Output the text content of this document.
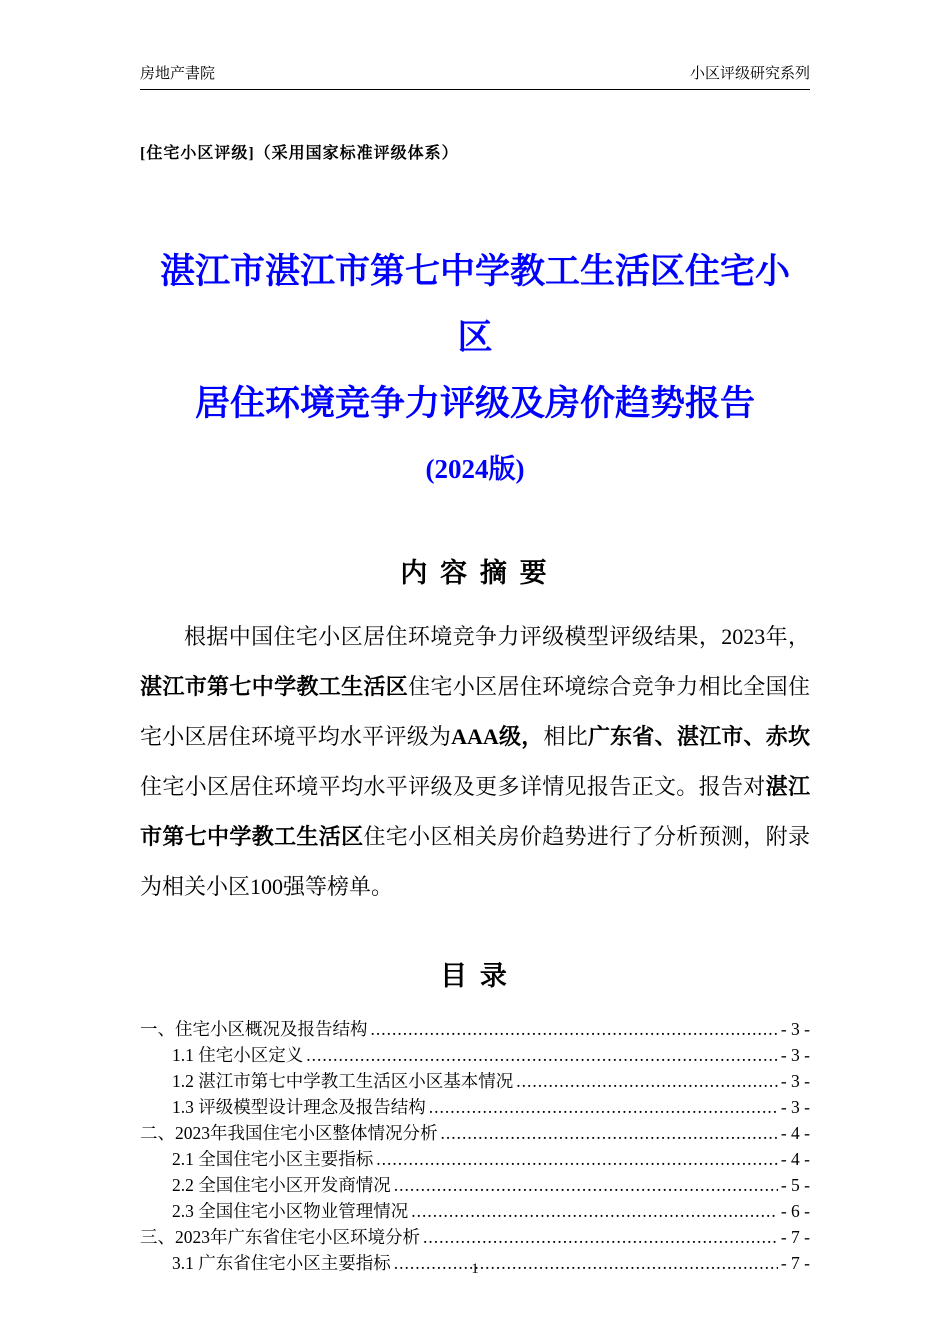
房地产書院	小区评级研究系列

[住宅小区评级]（采用国家标准评级体系）

湛江市湛江市第七中学教工生活区住宅小区
居住环境竞争力评级及房价趋势报告
(2024版)
内 容 摘 要

根据中国住宅小区居住环境竞争力评级模型评级结果，2023年，湛江市第七中学教工生活区住宅小区居住环境综合竞争力相比全国住宅小区居住环境平均水平评级为AAA级，相比广东省、湛江市、赤坎住宅小区居住环境平均水平评级及更多详情见报告正文。报告对湛江市第七中学教工生活区住宅小区相关房价趋势进行了分析预测，附录为相关小区100强等榜单。

目 录
一、住宅小区概况及报告结构 .....	- 3 -
1.1 住宅小区定义 .....	- 3 -
1.2 湛江市第七中学教工生活区小区基本情况 .....	- 3 -
1.3 评级模型设计理念及报告结构 .....	- 3 -
二、2023年我国住宅小区整体情况分析 .....	- 4 -
2.1 全国住宅小区主要指标 .....	- 4 -
2.2 全国住宅小区开发商情况 .....	- 5 -
2.3 全国住宅小区物业管理情况 .....	- 6 -
三、2023年广东省住宅小区环境分析 .....	- 7 -
3.1 广东省住宅小区主要指标 .....	- 7 -
1
